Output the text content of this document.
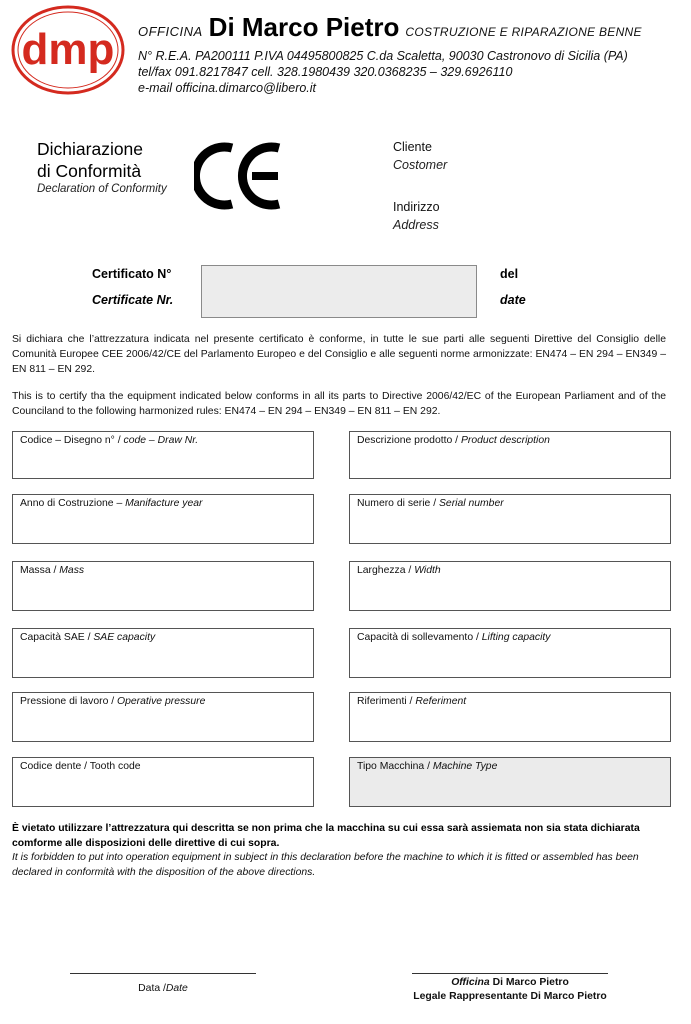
dmp OFFICINA Di Marco Pietro COSTRUZIONE E RIPARAZIONE BENNE
N° R.E.A. PA200111 P.IVA 04495800825 C.da Scaletta, 90030 Castronovo di Sicilia (PA)
tel/fax 091.8217847 cell. 328.1980439 320.0368235 – 329.6926110
e-mail officina.dimarco@libero.it
Dichiarazione
di Conformità
Declaration of Conformity
Cliente
Costomer
Indirizzo
Address
Certificato N°
Certificate Nr.
del
date
Si dichiara che l’attrezzatura indicata nel presente certificato è conforme, in tutte le sue parti alle seguenti Direttive del Consiglio delle Comunità Europee CEE 2006/42/CE del Parlamento Europeo e del Consiglio e alle seguenti norme armonizzate: EN474 – EN 294 – EN349 – EN 811 – EN 292.
This is to certify tha the equipment indicated below conforms in all its parts to Directive 2006/42/EC of the European Parliament and of the Counciland to the following harmonized rules: EN474 – EN 294 – EN349 – EN 811 – EN 292.
Codice – Disegno n° / code – Draw Nr.
Anno di Costruzione – Manifacture year
Massa / Mass
Capacità SAE / SAE capacity
Pressione di lavoro / Operative pressure
Codice dente / Tooth code
Descrizione prodotto / Product description
Numero di serie / Serial number
Larghezza / Width
Capacità di sollevamento / Lifting capacity
Riferimenti / Referiment
Tipo Macchina / Machine Type
È vietato utilizzare l’attrezzatura qui descritta se non prima che la macchina su cui essa sarà assiemata non sia stata dichiarata comforme alle disposizioni delle direttive di cui sopra.
It is forbidden to put into operation equipment in subject in this declaration before the machine to which it is fitted or assembled has been declared in conformità with the disposition of the above directions.
Data /Date
Officina Di Marco Pietro
Legale Rappresentante Di Marco Pietro
